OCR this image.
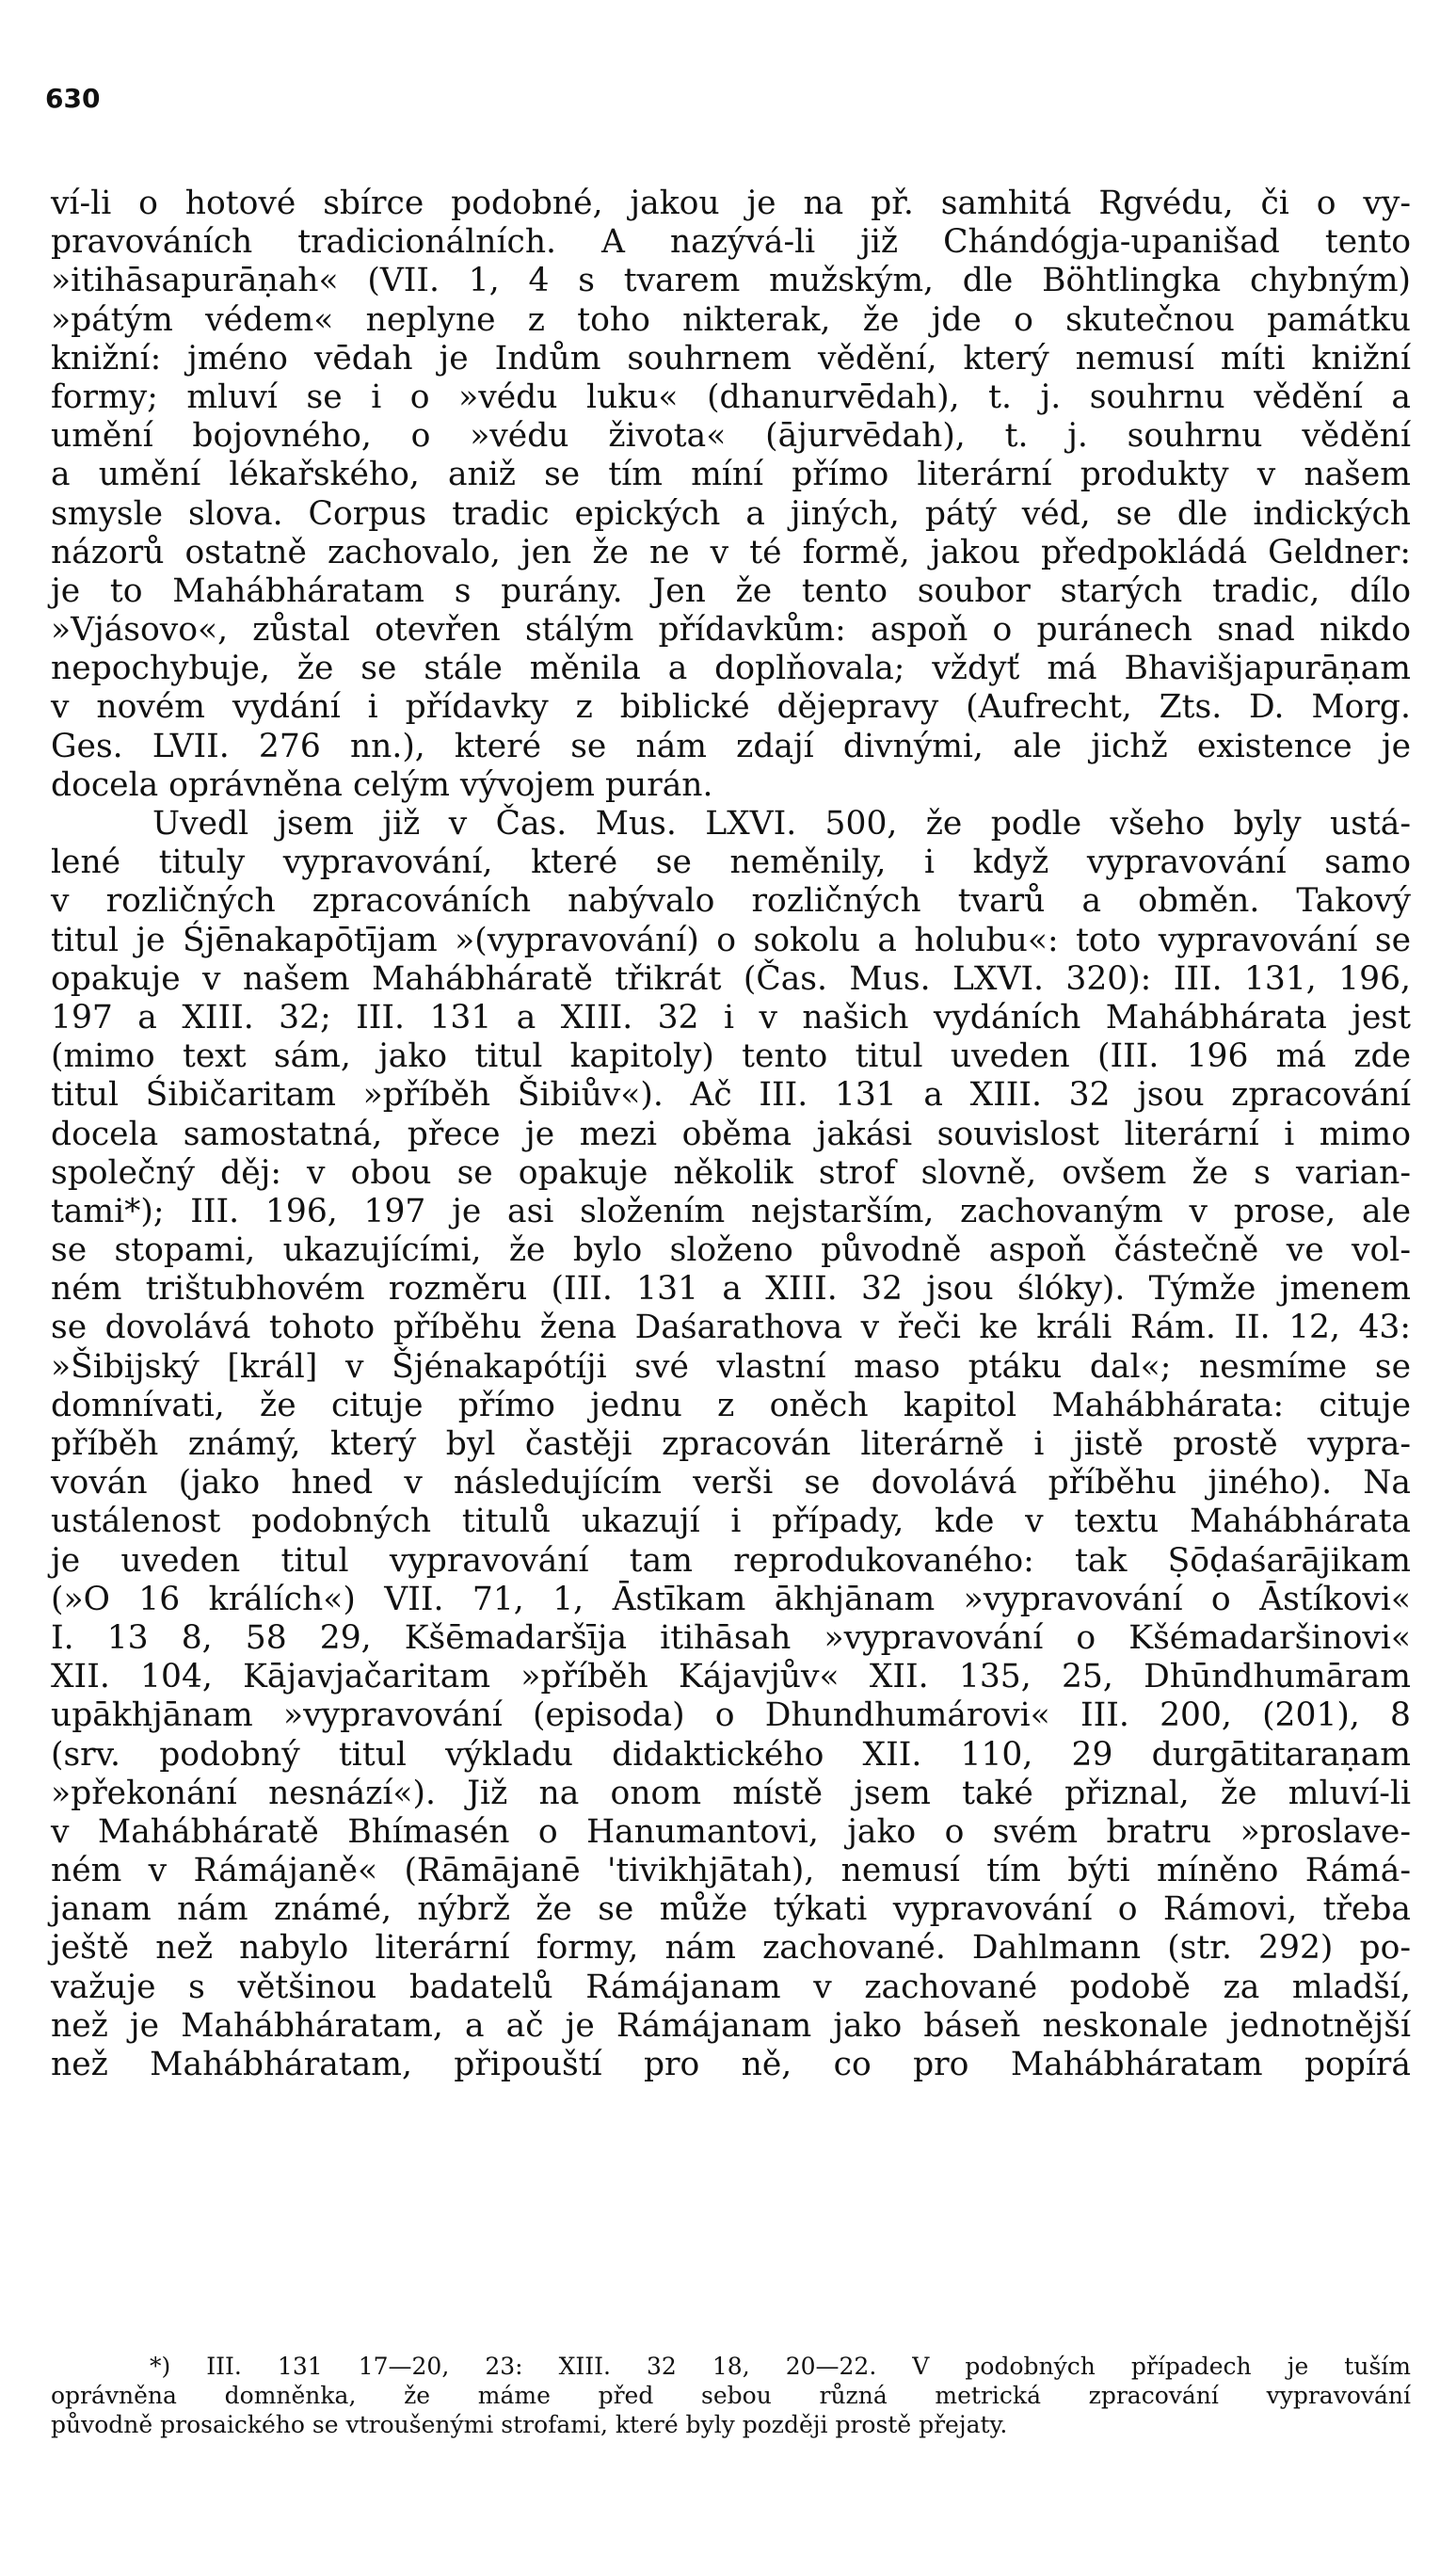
630
ví-li o hotové sbírce podobné, jakou je na př. samhitá Rgvédu, či o vy-
pravováních tradicionálních. A nazývá-li již Chándógja-upanišad tento
»itihāsapurāṇah« (VII. 1, 4 s tvarem mužským, dle Böhtlingka chybným)
»pátým védem« neplyne z toho nikterak, že jde o skutečnou památku
knižní: jméno vēdah je Indům souhrnem vědění, který nemusí míti knižní
formy; mluví se i o »védu luku« (dhanurvēdah), t. j. souhrnu vědění a
umění bojovného, o »védu života« (ājurvēdah), t. j. souhrnu vědění
a umění lékařského, aniž se tím míní přímo literární produkty v našem
smysle slova. Corpus tradic epických a jiných, pátý véd, se dle indických
názorů ostatně zachovalo, jen že ne v té formě, jakou předpokládá Geldner:
je to Mahábháratam s purány. Jen že tento soubor starých tradic, dílo
»Vjásovo«, zůstal otevřen stálým přídavkům: aspoň o puránech snad nikdo
nepochybuje, že se stále měnila a doplňovala; vždyť má Bhavišjapurāṇam
v novém vydání i přídavky z biblické dějepravy (Aufrecht, Zts. D. Morg.
Ges. LVII. 276 nn.), které se nám zdají divnými, ale jichž existence je
docela oprávněna celým vývojem purán.
Uvedl jsem již v Čas. Mus. LXVI. 500, že podle všeho byly ustá-
lené tituly vypravování, které se neměnily, i když vypravování samo
v rozličných zpracováních nabývalo rozličných tvarů a obměn. Takový
titul je Śjēnakapōtījam »(vypravování) o sokolu a holubu«: toto vypravování se
opakuje v našem Mahábháratě třikrát (Čas. Mus. LXVI. 320): III. 131, 196,
197 a XIII. 32; III. 131 a XIII. 32 i v našich vydáních Mahábhárata jest
(mimo text sám, jako titul kapitoly) tento titul uveden (III. 196 má zde
titul Śibičaritam »příběh Šibiův«). Ač III. 131 a XIII. 32 jsou zpracování
docela samostatná, přece je mezi oběma jakási souvislost literární i mimo
společný děj: v obou se opakuje několik strof slovně, ovšem že s varian-
tami*); III. 196, 197 je asi složením nejstarším, zachovaným v prose, ale
se stopami, ukazujícími, že bylo složeno původně aspoň částečně ve vol-
ném trištubhovém rozměru (III. 131 a XIII. 32 jsou ślóky). Týmže jmenem
se dovolává tohoto příběhu žena Daśarathova v řeči ke králi Rám. II. 12, 43:
»Šibijský [král] v Šjénakapótíji své vlastní maso ptáku dal«; nesmíme se
domnívati, že cituje přímo jednu z oněch kapitol Mahábhárata: cituje
příběh známý, který byl častěji zpracován literárně i jistě prostě vypra-
vován (jako hned v následujícím verši se dovolává příběhu jiného). Na
ustálenost podobných titulů ukazují i případy, kde v textu Mahábhárata
je uveden titul vypravování tam reprodukovaného: tak Ṣōḍaśarājikam
(»O 16 králích«) VII. 71, 1, Āstīkam ākhjānam »vypravování o Āstíkovi«
I. 13 8, 58 29, Kšēmadaršīja itihāsah »vypravování o Kšémadaršinovi«
XII. 104, Kājavjačaritam »příběh Kájavjův« XII. 135, 25, Dhūndhumāram
upākhjānam »vypravování (episoda) o Dhundhumárovi« III. 200, (201), 8
(srv. podobný titul výkladu didaktického XII. 110, 29 durgātitaraṇam
»překonání nesnází«). Již na onom místě jsem také přiznal, že mluví-li
v Mahábháratě Bhímasén o Hanumantovi, jako o svém bratru »proslave-
ném v Rámájaně« (Rāmājanē 'tivikhjātah), nemusí tím býti míněno Rámá-
janam nám známé, nýbrž že se může týkati vypravování o Rámovi, třeba
ještě než nabylo literární formy, nám zachované. Dahlmann (str. 292) po-
važuje s většinou badatelů Rámájanam v zachované podobě za mladší,
než je Mahábháratam, a ač je Rámájanam jako báseň neskonale jednotnější
než Mahábháratam, připouští pro ně, co pro Mahábháratam popírá
*) III. 131 17—20, 23: XIII. 32 18, 20—22. V podobných případech je tuším
oprávněna domněnka, že máme před sebou různá metrická zpracování vypravování
původně prosaického se vtroušenými strofami, které byly později prostě přejaty.
